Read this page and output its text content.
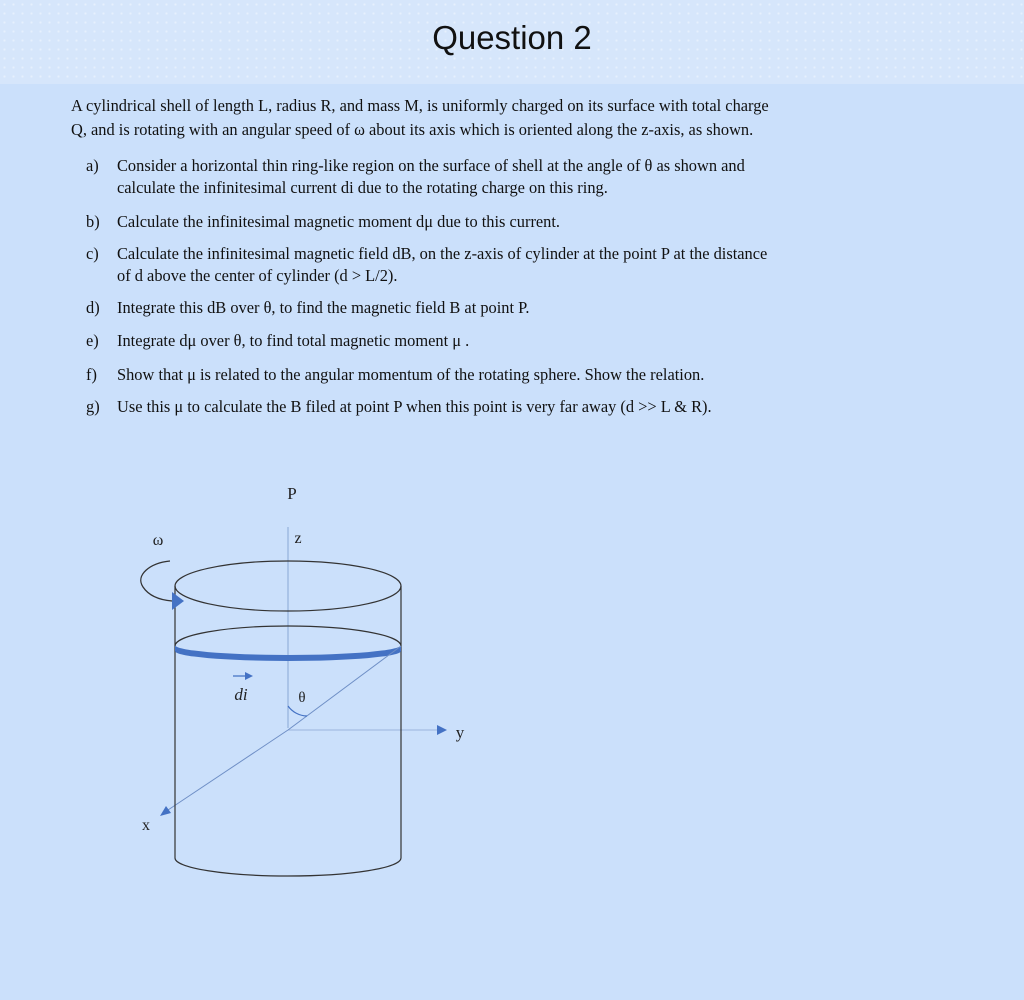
Question 2

A cylindrical shell of length L, radius R, and mass M, is uniformly charged on its surface with total charge

Q, and is rotating with an angular speed of ω about its axis which is oriented along the z-axis, as shown.

a) Consider a horizontal thin ring-like region on the surface of shell at the angle of θ as shown and
calculate the infinitesimal current di due to the rotating charge on this ring.
b) Calculate the infinitesimal magnetic moment dμ due to this current.
c) Calculate the infinitesimal magnetic field dB, on the z-axis of cylinder at the point P at the distance
of d above the center of cylinder (d > L/2).
d) Integrate this dB over θ, to find the magnetic field B at point P.
e) Integrate dμ over θ, to find total magnetic moment μ .
f) Show that μ is related to the angular momentum of the rotating sphere. Show the relation.
g) Use this μ to calculate the B filed at point P when this point is very far away (d >> L & R).
P
z
ω
di	θ
y
x
